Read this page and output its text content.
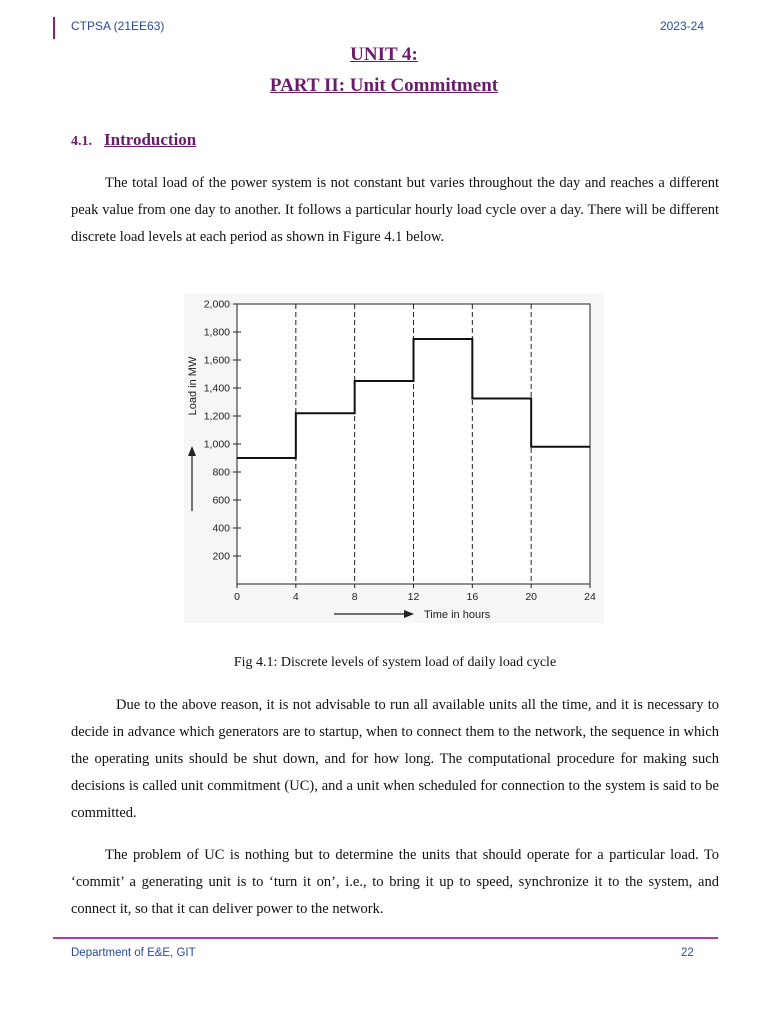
CTPSA (21EE63)	2023-24
UNIT 4:
PART II: Unit Commitment
4.1. Introduction
The total load of the power system is not constant but varies throughout the day and reaches a different peak value from one day to another. It follows a particular hourly load cycle over a day. There will be different discrete load levels at each period as shown in Figure 4.1 below.
0	4	8	12	16	20	24
200
400
600
800
1,000
1,200
1,400
1,600
1,800
2,000
Load in MW
Time in hours
Fig 4.1: Discrete levels of system load of daily load cycle
Due to the above reason, it is not advisable to run all available units all the time, and it is necessary to decide in advance which generators are to startup, when to connect them to the network, the sequence in which the operating units should be shut down, and for how long. The computational procedure for making such decisions is called unit commitment (UC), and a unit when scheduled for connection to the system is said to be committed.
The problem of UC is nothing but to determine the units that should operate for a particular load. To ‘commit’ a generating unit is to ‘turn it on’, i.e., to bring it up to speed, synchronize it to the system, and connect it, so that it can deliver power to the network.
Department of E&E, GIT	22
